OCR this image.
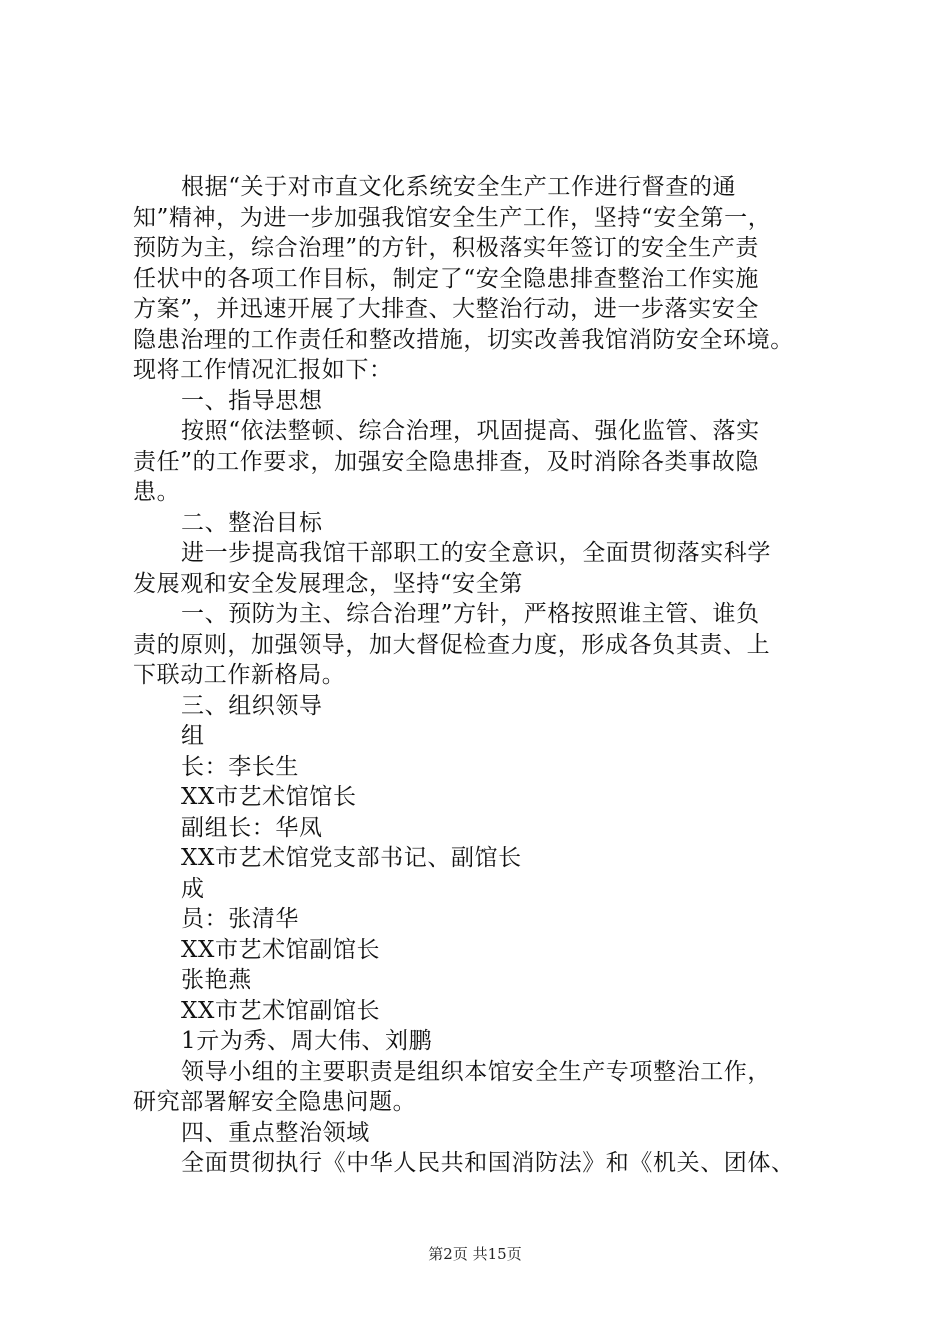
根据“关于对市直文化系统安全生产工作进行督查的通
知”精神，为进一步加强我馆安全生产工作，坚持“安全第一，
预防为主，综合治理”的方针，积极落实年签订的安全生产责
任状中的各项工作目标，制定了“安全隐患排查整治工作实施
方案”，并迅速开展了大排查、大整治行动，进一步落实安全
隐患治理的工作责任和整改措施，切实改善我馆消防安全环境。
现将工作情况汇报如下：
一、指导思想
按照“依法整顿、综合治理，巩固提高、强化监管、落实
责任”的工作要求，加强安全隐患排查，及时消除各类事故隐
患。
二、整治目标
进一步提高我馆干部职工的安全意识，全面贯彻落实科学
发展观和安全发展理念，坚持“安全第
一、预防为主、综合治理”方针，严格按照谁主管、谁负
责的原则，加强领导，加大督促检查力度，形成各负其责、上
下联动工作新格局。
三、组织领导
组
长：李长生
XX市艺术馆馆长
副组长：华凤
XX市艺术馆党支部书记、副馆长
成
员：张清华
XX市艺术馆副馆长
张艳燕
XX市艺术馆副馆长
1亓为秀、周大伟、刘鹏
领导小组的主要职责是组织本馆安全生产专项整治工作，
研究部署解安全隐患问题。
四、重点整治领域
全面贯彻执行《中华人民共和国消防法》和《机关、团体、
第2页 共15页
